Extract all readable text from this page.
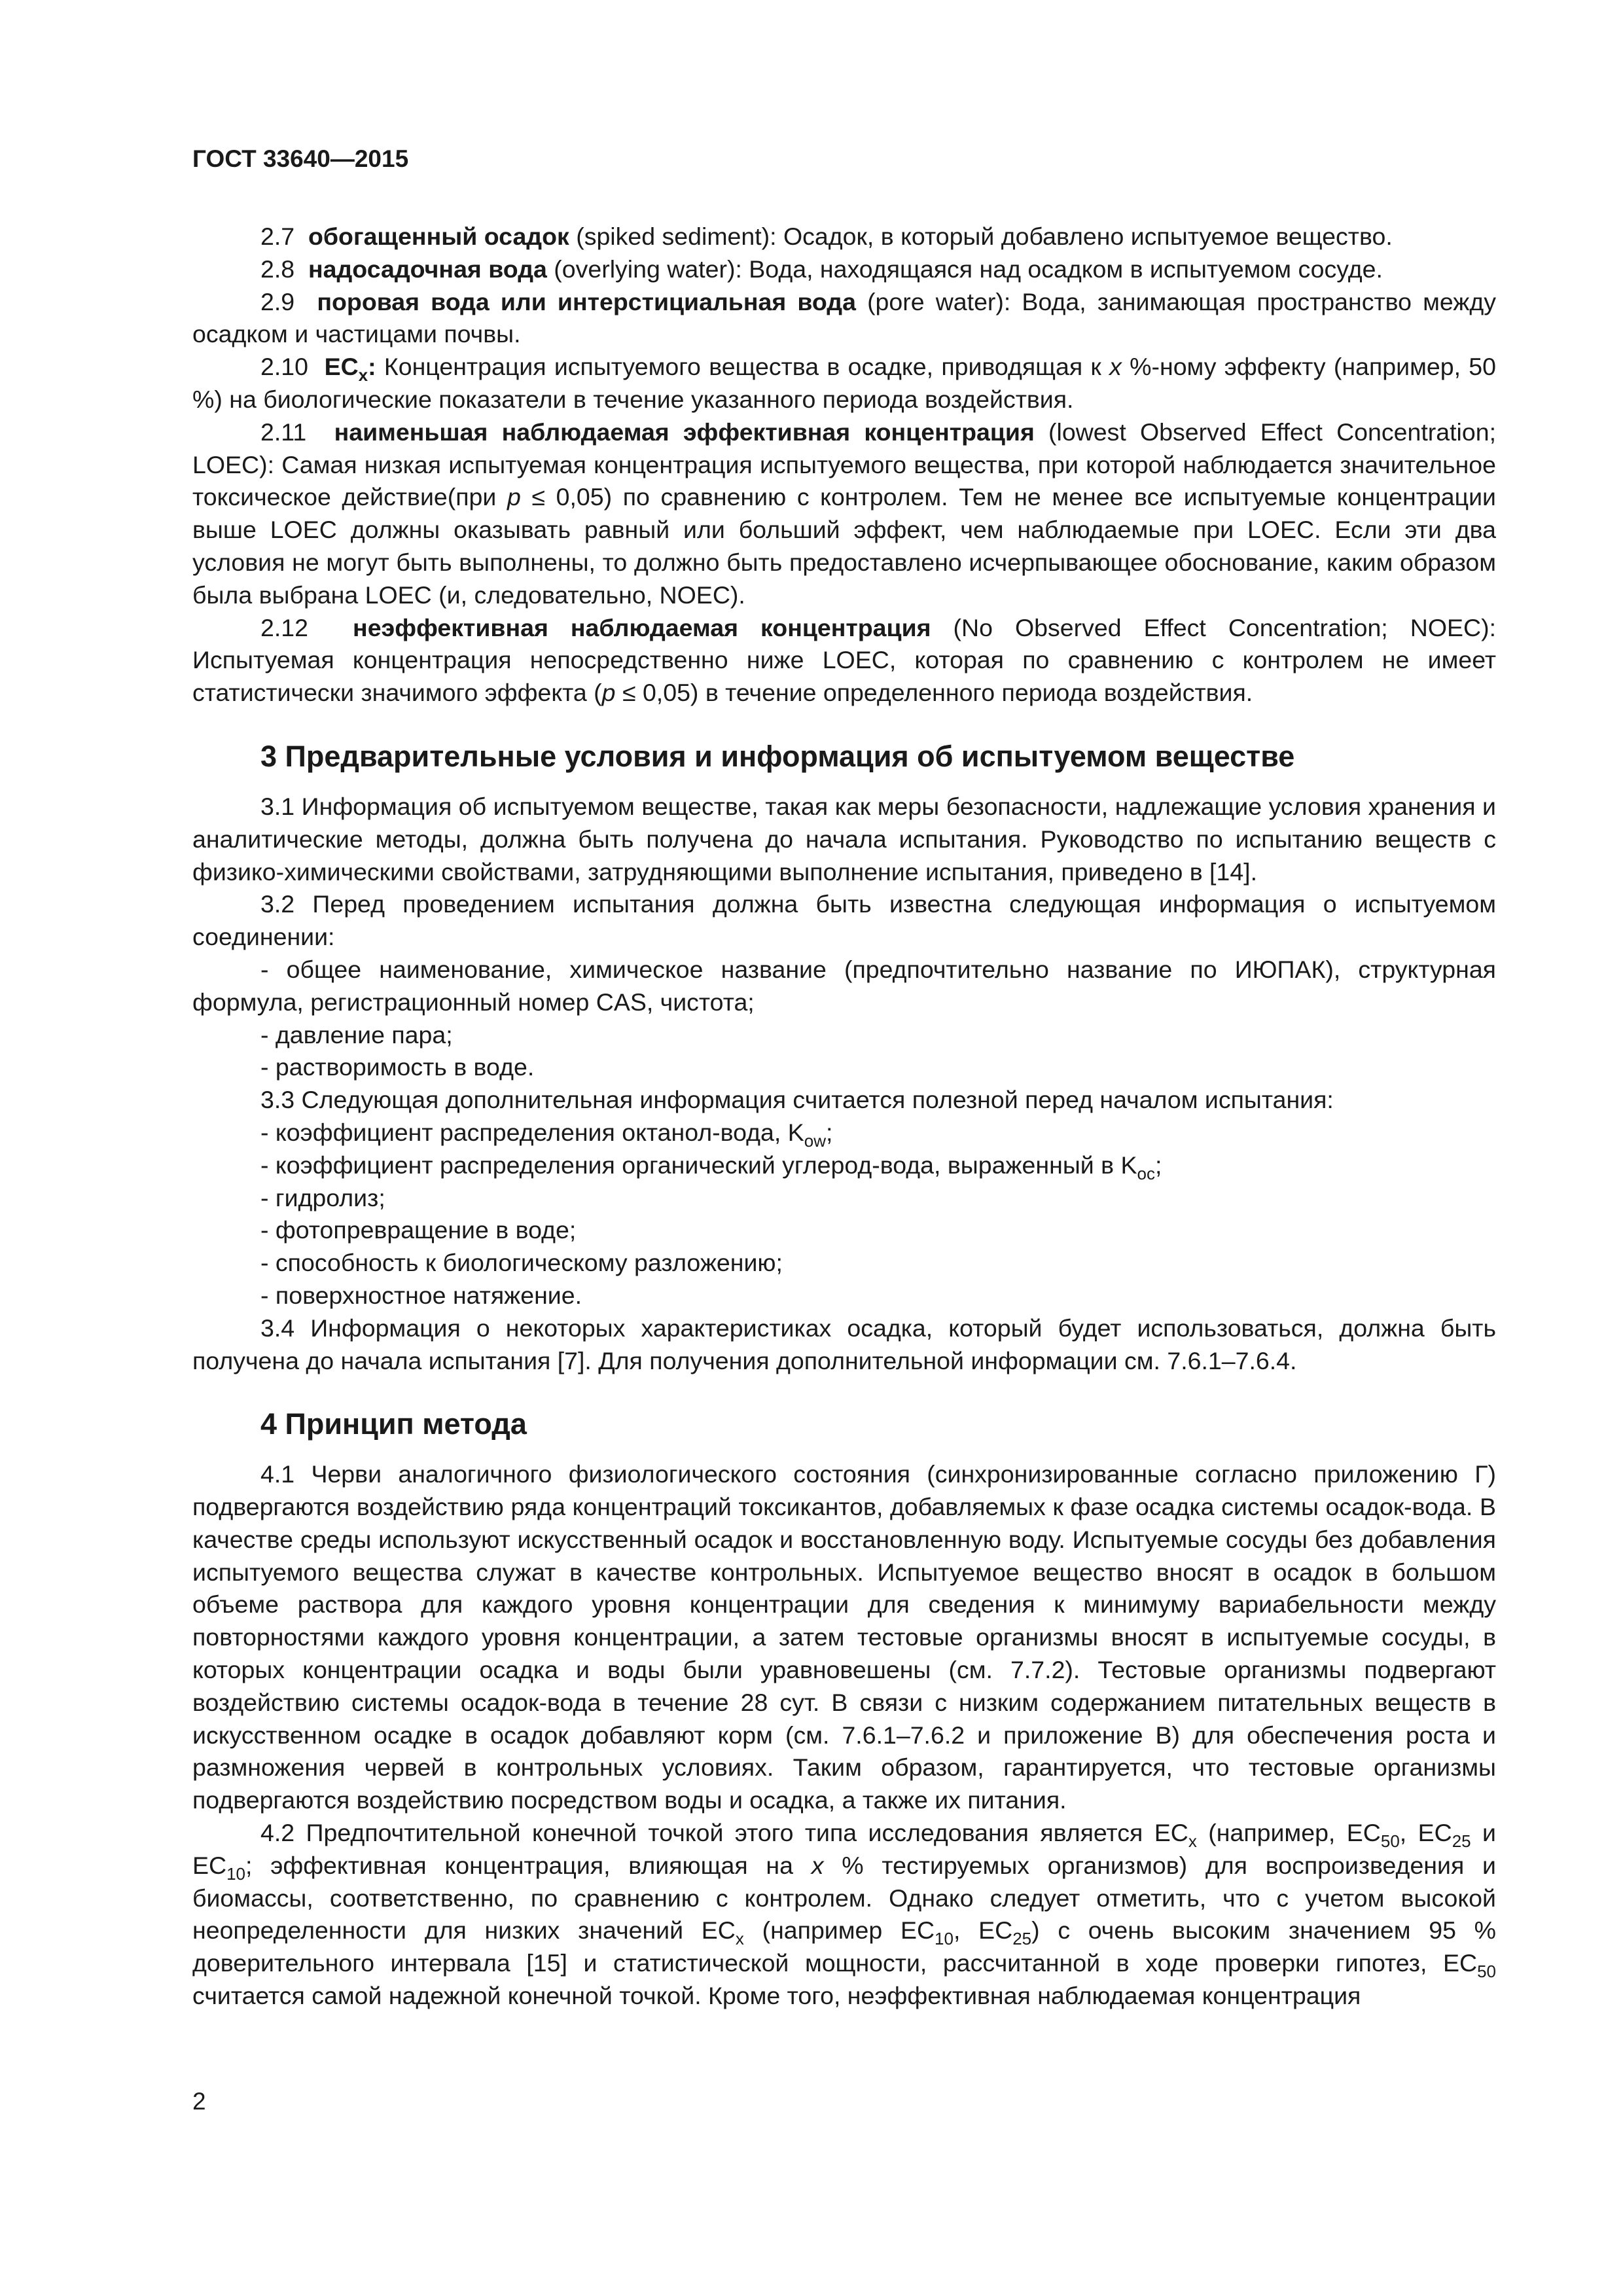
ГОСТ 33640—2015

2.7 обогащенный осадок (spiked sediment): Осадок, в который добавлено испытуемое вещество.

2.8 надосадочная вода (overlying water): Вода, находящаяся над осадком в испытуемом сосуде.

2.9 поровая вода или интерстициальная вода (pore water): Вода, занимающая пространство между осадком и частицами почвы.

2.10 $EC_x$: Концентрация испытуемого вещества в осадке, приводящая к x %-ному эффекту (например, 50 %) на биологические показатели в течение указанного периода воздействия.

2.11 наименьшая наблюдаемая эффективная концентрация (lowest Observed Effect Concentration; LOEC): Самая низкая испытуемая концентрация испытуемого вещества, при которой наблюдается значительное токсическое действие(при p ≤ 0,05) по сравнению с контролем. Тем не менее все испытуемые концентрации выше LOEC должны оказывать равный или больший эффект, чем наблюдаемые при LOEC. Если эти два условия не могут быть выполнены, то должно быть предоставлено исчерпывающее обоснование, каким образом была выбрана LOEC (и, следовательно, NOEC).

2.12 неэффективная наблюдаемая концентрация (No Observed Effect Concentration; NOEC): Испытуемая концентрация непосредственно ниже LOEC, которая по сравнению с контролем не имеет статистически значимого эффекта (p ≤ 0,05) в течение определенного периода воздействия.

3 Предварительные условия и информация об испытуемом веществе

3.1 Информация об испытуемом веществе, такая как меры безопасности, надлежащие условия хранения и аналитические методы, должна быть получена до начала испытания. Руководство по испытанию веществ с физико-химическими свойствами, затрудняющими выполнение испытания, приведено в [14].

3.2 Перед проведением испытания должна быть известна следующая информация о испытуемом соединении:

- общее наименование, химическое название (предпочтительно название по ИЮПАК), структурная формула, регистрационный номер CAS, чистота;

- давление пара;

- растворимость в воде.

3.3 Следующая дополнительная информация считается полезной перед началом испытания:

- коэффициент распределения октанол-вода, $K_{ow}$;

- коэффициент распределения органический углерод-вода, выраженный в $K_{oc}$;

- гидролиз;

- фотопревращение в воде;

- способность к биологическому разложению;

- поверхностное натяжение.

3.4 Информация о некоторых характеристиках осадка, который будет использоваться, должна быть получена до начала испытания [7]. Для получения дополнительной информации см. 7.6.1–7.6.4.

4 Принцип метода

4.1 Черви аналогичного физиологического состояния (синхронизированные согласно приложению Г) подвергаются воздействию ряда концентраций токсикантов, добавляемых к фазе осадка системы осадок-вода. В качестве среды используют искусственный осадок и восстановленную воду. Испытуемые сосуды без добавления испытуемого вещества служат в качестве контрольных. Испытуемое вещество вносят в осадок в большом объеме раствора для каждого уровня концентрации для сведения к минимуму вариабельности между повторностями каждого уровня концентрации, а затем тестовые организмы вносят в испытуемые сосуды, в которых концентрации осадка и воды были уравновешены (см. 7.7.2). Тестовые организмы подвергают воздействию системы осадок-вода в течение 28 сут. В связи с низким содержанием питательных веществ в искусственном осадке в осадок добавляют корм (см. 7.6.1–7.6.2 и приложение В) для обеспечения роста и размножения червей в контрольных условиях. Таким образом, гарантируется, что тестовые организмы подвергаются воздействию посредством воды и осадка, а также их питания.

4.2 Предпочтительной конечной точкой этого типа исследования является $EC_x$ (например, $EC_{50}$, $EC_{25}$ и $EC_{10}$; эффективная концентрация, влияющая на x % тестируемых организмов) для воспроизведения и биомассы, соответственно, по сравнению с контролем. Однако следует отметить, что с учетом высокой неопределенности для низких значений $EC_x$ (например $EC_{10}$, $EC_{25}$) с очень высоким значением 95 % доверительного интервала [15] и статистической мощности, рассчитанной в ходе проверки гипотез, $EC_{50}$ считается самой надежной конечной точкой. Кроме того, неэффективная наблюдаемая концентрация

2
